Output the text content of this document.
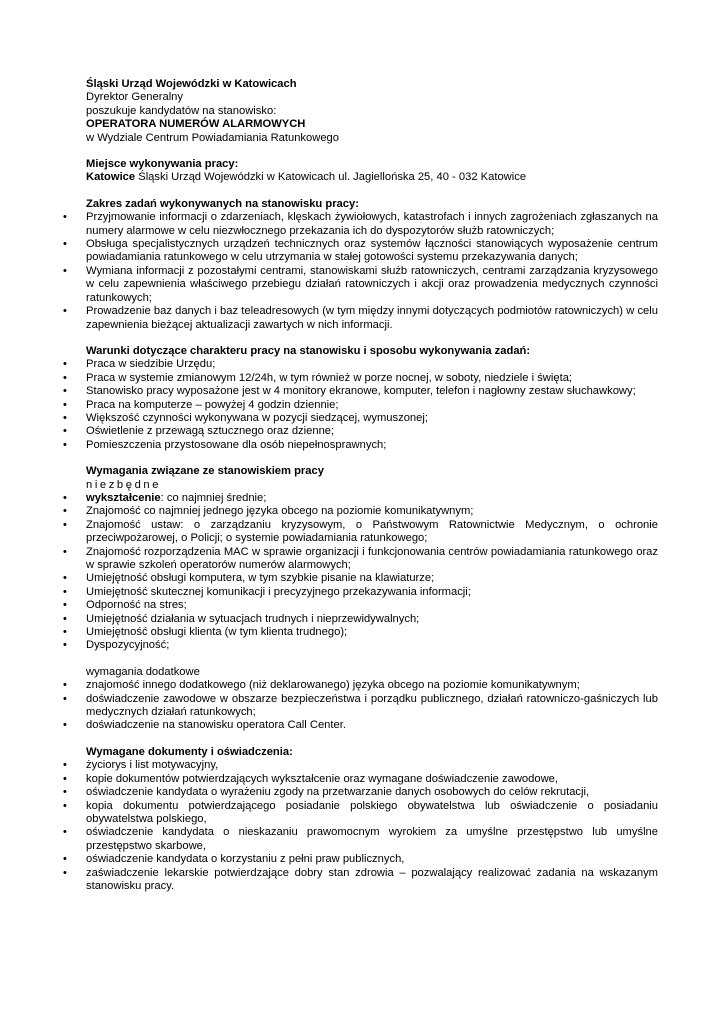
Śląski Urząd Wojewódzki w Katowicach
Dyrektor Generalny
poszukuje kandydatów na stanowisko:
OPERATORA NUMERÓW ALARMOWYCH
w Wydziale Centrum Powiadamiania Ratunkowego
Miejsce wykonywania pracy:
Katowice Śląski Urząd Wojewódzki w Katowicach ul. Jagiellońska 25, 40 - 032 Katowice
Zakres zadań wykonywanych na stanowisku pracy:
• Przyjmowanie informacji o zdarzeniach, klęskach żywiołowych, katastrofach i innych zagrożeniach zgłaszanych na numery alarmowe w celu niezwłocznego przekazania ich do dyspozytorów służb ratowniczych;
• Obsługa specjalistycznych urządzeń technicznych oraz systemów łączności stanowiących wyposażenie centrum powiadamiania ratunkowego w celu utrzymania w stałej gotowości systemu przekazywania danych;
• Wymiana informacji z pozostałymi centrami, stanowiskami służb ratowniczych, centrami zarządzania kryzysowego w celu zapewnienia właściwego przebiegu działań ratowniczych i akcji oraz prowadzenia medycznych czynności ratunkowych;
• Prowadzenie baz danych i baz teleadresowych (w tym między innymi dotyczących podmiotów ratowniczych) w celu zapewnienia bieżącej aktualizacji zawartych w nich informacji.
Warunki dotyczące charakteru pracy na stanowisku i sposobu wykonywania zadań:
• Praca w siedzibie Urzędu;
• Praca w systemie zmianowym 12/24h, w tym również w porze nocnej, w soboty, niedziele i święta;
• Stanowisko pracy wyposażone jest w 4 monitory ekranowe, komputer, telefon i nagłowny zestaw słuchawkowy;
• Praca na komputerze – powyżej 4 godzin dziennie;
• Większość czynności wykonywana w pozycji siedzącej, wymuszonej;
• Oświetlenie z przewagą sztucznego oraz dzienne;
• Pomieszczenia przystosowane dla osób niepełnosprawnych;
Wymagania związane ze stanowiskiem pracy
niezbędne
• wykształcenie: co najmniej średnie;
• Znajomość co najmniej jednego języka obcego na poziomie komunikatywnym;
• Znajomość ustaw: o zarządzaniu kryzysowym, o Państwowym Ratownictwie Medycznym, o ochronie przeciwpożarowej, o Policji; o systemie powiadamiania ratunkowego;
• Znajomość rozporządzenia MAC w sprawie organizacji i funkcjonowania centrów powiadamiania ratunkowego oraz w sprawie szkoleń operatorów numerów alarmowych;
• Umiejętność obsługi komputera, w tym szybkie pisanie na klawiaturze;
• Umiejętność skutecznej komunikacji i precyzyjnego przekazywania informacji;
• Odporność na stres;
• Umiejętność działania w sytuacjach trudnych i nieprzewidywalnych;
• Umiejętność obsługi klienta (w tym klienta trudnego);
• Dyspozycyjność;
wymagania dodatkowe
• znajomość innego dodatkowego (niż deklarowanego) języka obcego na poziomie komunikatywnym;
• doświadczenie zawodowe w obszarze bezpieczeństwa i porządku publicznego, działań ratowniczo-gaśniczych lub medycznych działań ratunkowych;
• doświadczenie na stanowisku operatora Call Center.
Wymagane dokumenty i oświadczenia:
• życiorys i list motywacyjny,
• kopie dokumentów potwierdzających wykształcenie oraz wymagane doświadczenie zawodowe,
• oświadczenie kandydata o wyrażeniu zgody na przetwarzanie danych osobowych do celów rekrutacji,
• kopia dokumentu potwierdzającego posiadanie polskiego obywatelstwa lub oświadczenie o posiadaniu obywatelstwa polskiego,
• oświadczenie kandydata o nieskazaniu prawomocnym wyrokiem za umyślne przestępstwo lub umyślne przestępstwo skarbowe,
• oświadczenie kandydata o korzystaniu z pełni praw publicznych,
• zaświadczenie lekarskie potwierdzające dobry stan zdrowia – pozwalający realizować zadania na wskazanym stanowisku pracy.
